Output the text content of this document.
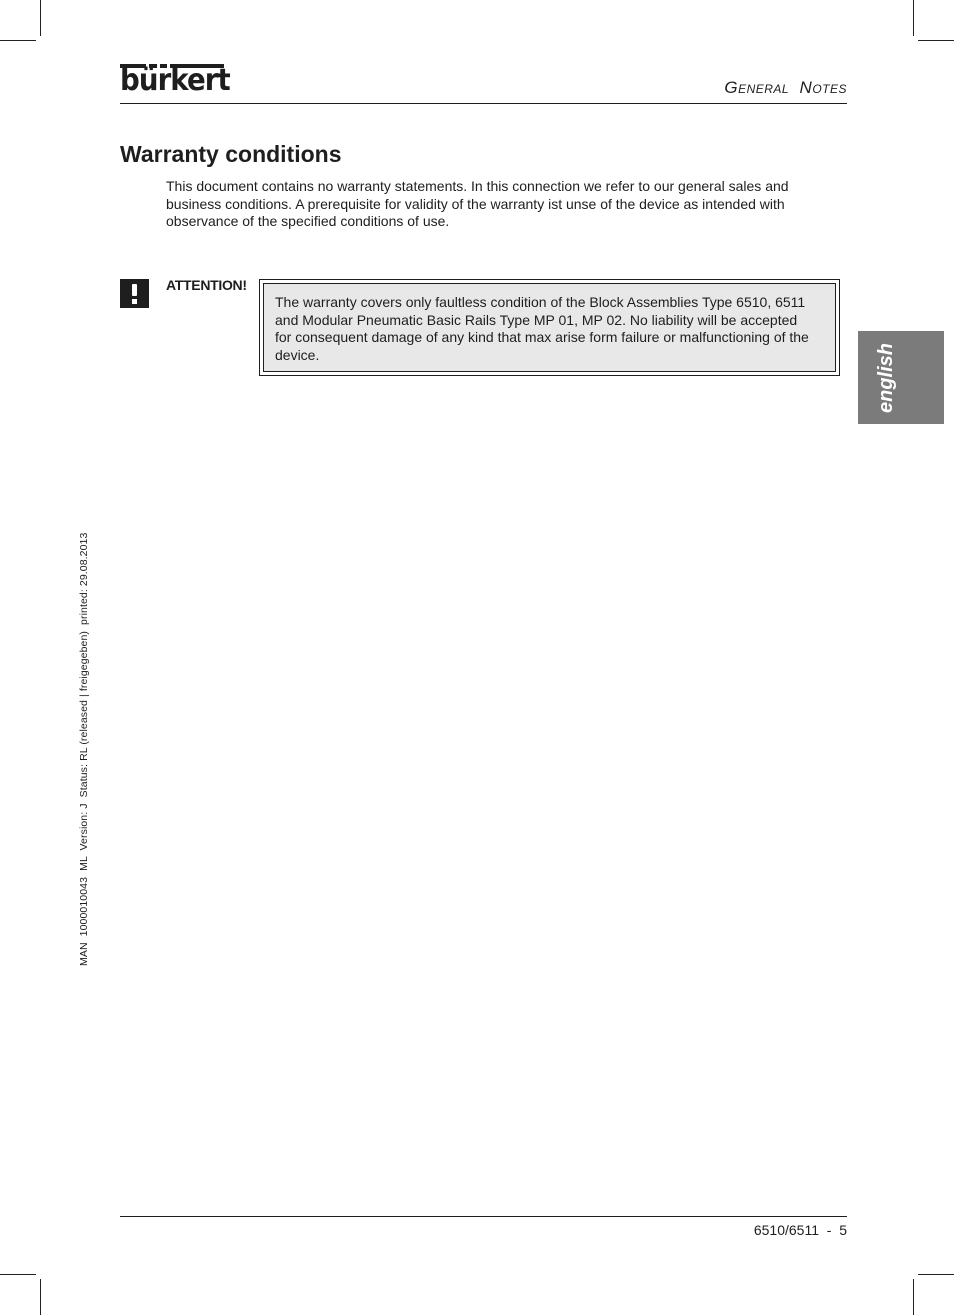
bürkert	General  Notes
Warranty conditions

This document contains no warranty statements. In this connection we refer to our general sales and business conditions. A prerequisite for validity of the warranty ist unse of the device as intended with observance of the specified conditions of use.

ATTENTION!

The warranty covers only faultless condition of the Block Assemblies Type 6510, 6511 and Modular Pneumatic Basic Rails Type MP 01, MP 02. No liability will be accepted for consequent damage of any kind that max arise form failure or malfunctioning of the device.	english
MAN  1000010043  ML  Version: J  Status: RL (released | freigegeben)  printed: 29.08.2013
6510/6511  -  5
